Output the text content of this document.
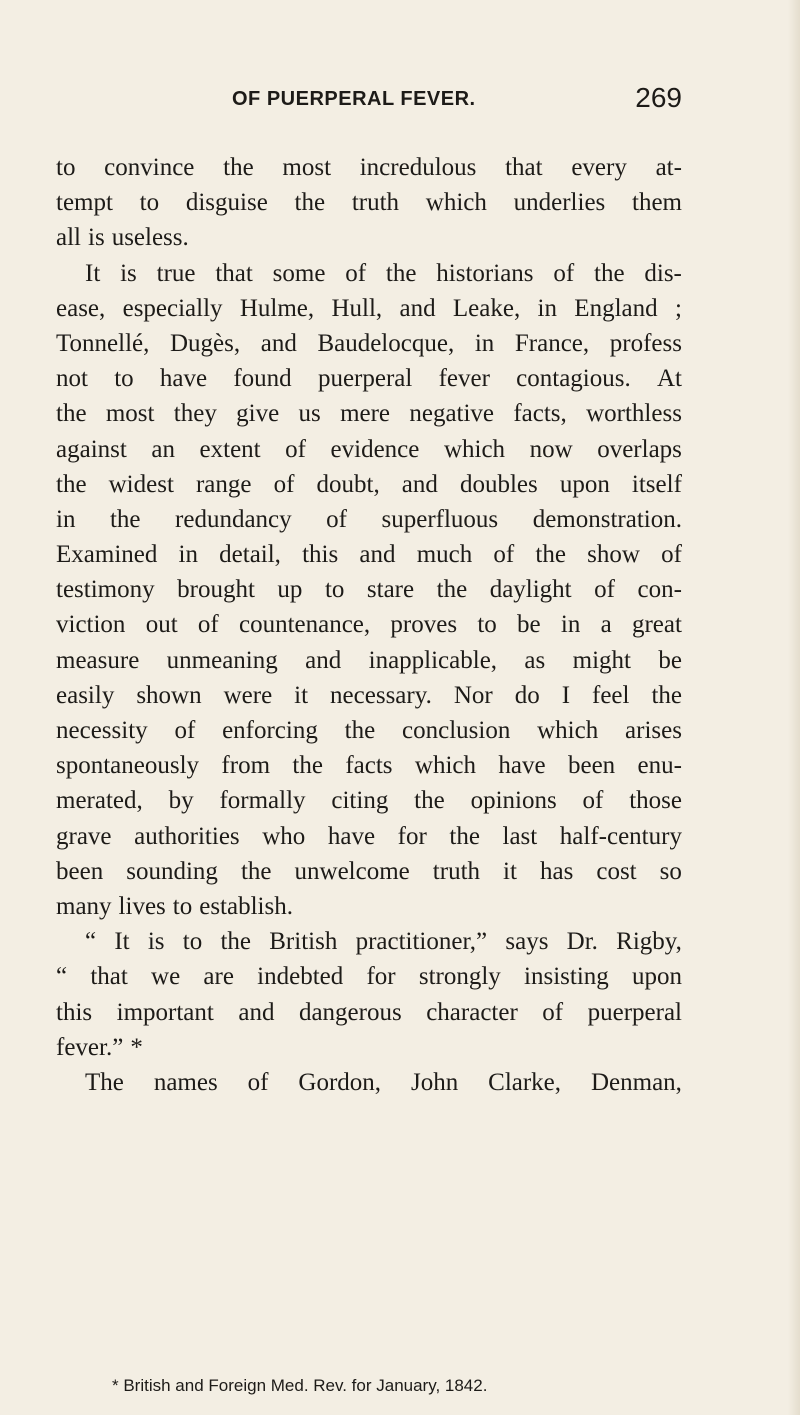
OF PUERPERAL FEVER.	269
to convince the most incredulous that every at-
tempt to disguise the truth which underlies them
all is useless.
It is true that some of the historians of the dis-
ease, especially Hulme, Hull, and Leake, in England ;
Tonnellé, Dugès, and Baudelocque, in France, profess
not to have found puerperal fever contagious. At
the most they give us mere negative facts, worthless
against an extent of evidence which now overlaps
the widest range of doubt, and doubles upon itself
in the redundancy of superfluous demonstration.
Examined in detail, this and much of the show of
testimony brought up to stare the daylight of con-
viction out of countenance, proves to be in a great
measure unmeaning and inapplicable, as might be
easily shown were it necessary. Nor do I feel the
necessity of enforcing the conclusion which arises
spontaneously from the facts which have been enu-
merated, by formally citing the opinions of those
grave authorities who have for the last half-century
been sounding the unwelcome truth it has cost so
many lives to establish.
“ It is to the British practitioner,” says Dr. Rigby,
“ that we are indebted for strongly insisting upon
this important and dangerous character of puerperal
fever.” *
The names of Gordon, John Clarke, Denman,
* British and Foreign Med. Rev. for January, 1842.
